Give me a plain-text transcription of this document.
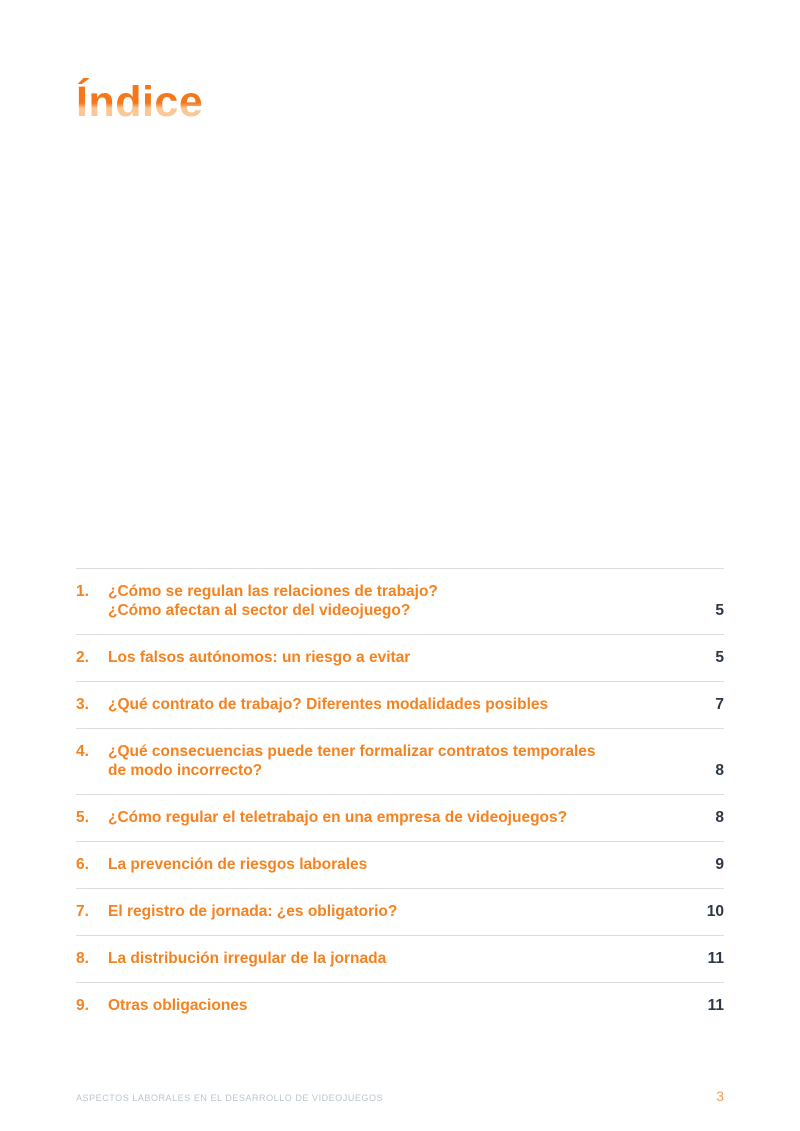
Índice
1.	¿Cómo se regulan las relaciones de trabajo?
¿Cómo afectan al sector del videojuego?	5
2.	Los falsos autónomos: un riesgo a evitar	5
3.	¿Qué contrato de trabajo? Diferentes modalidades posibles	7
4.	¿Qué consecuencias puede tener formalizar contratos temporales
de modo incorrecto?	8
5.	¿Cómo regular el teletrabajo en una empresa de videojuegos?	8
6.	La prevención de riesgos laborales	9
7.	El registro de jornada: ¿es obligatorio?	10
8.	La distribución irregular de la jornada	11
9.	Otras obligaciones	11
ASPECTOS LABORALES EN EL DESARROLLO DE VIDEOJUEGOS	3
